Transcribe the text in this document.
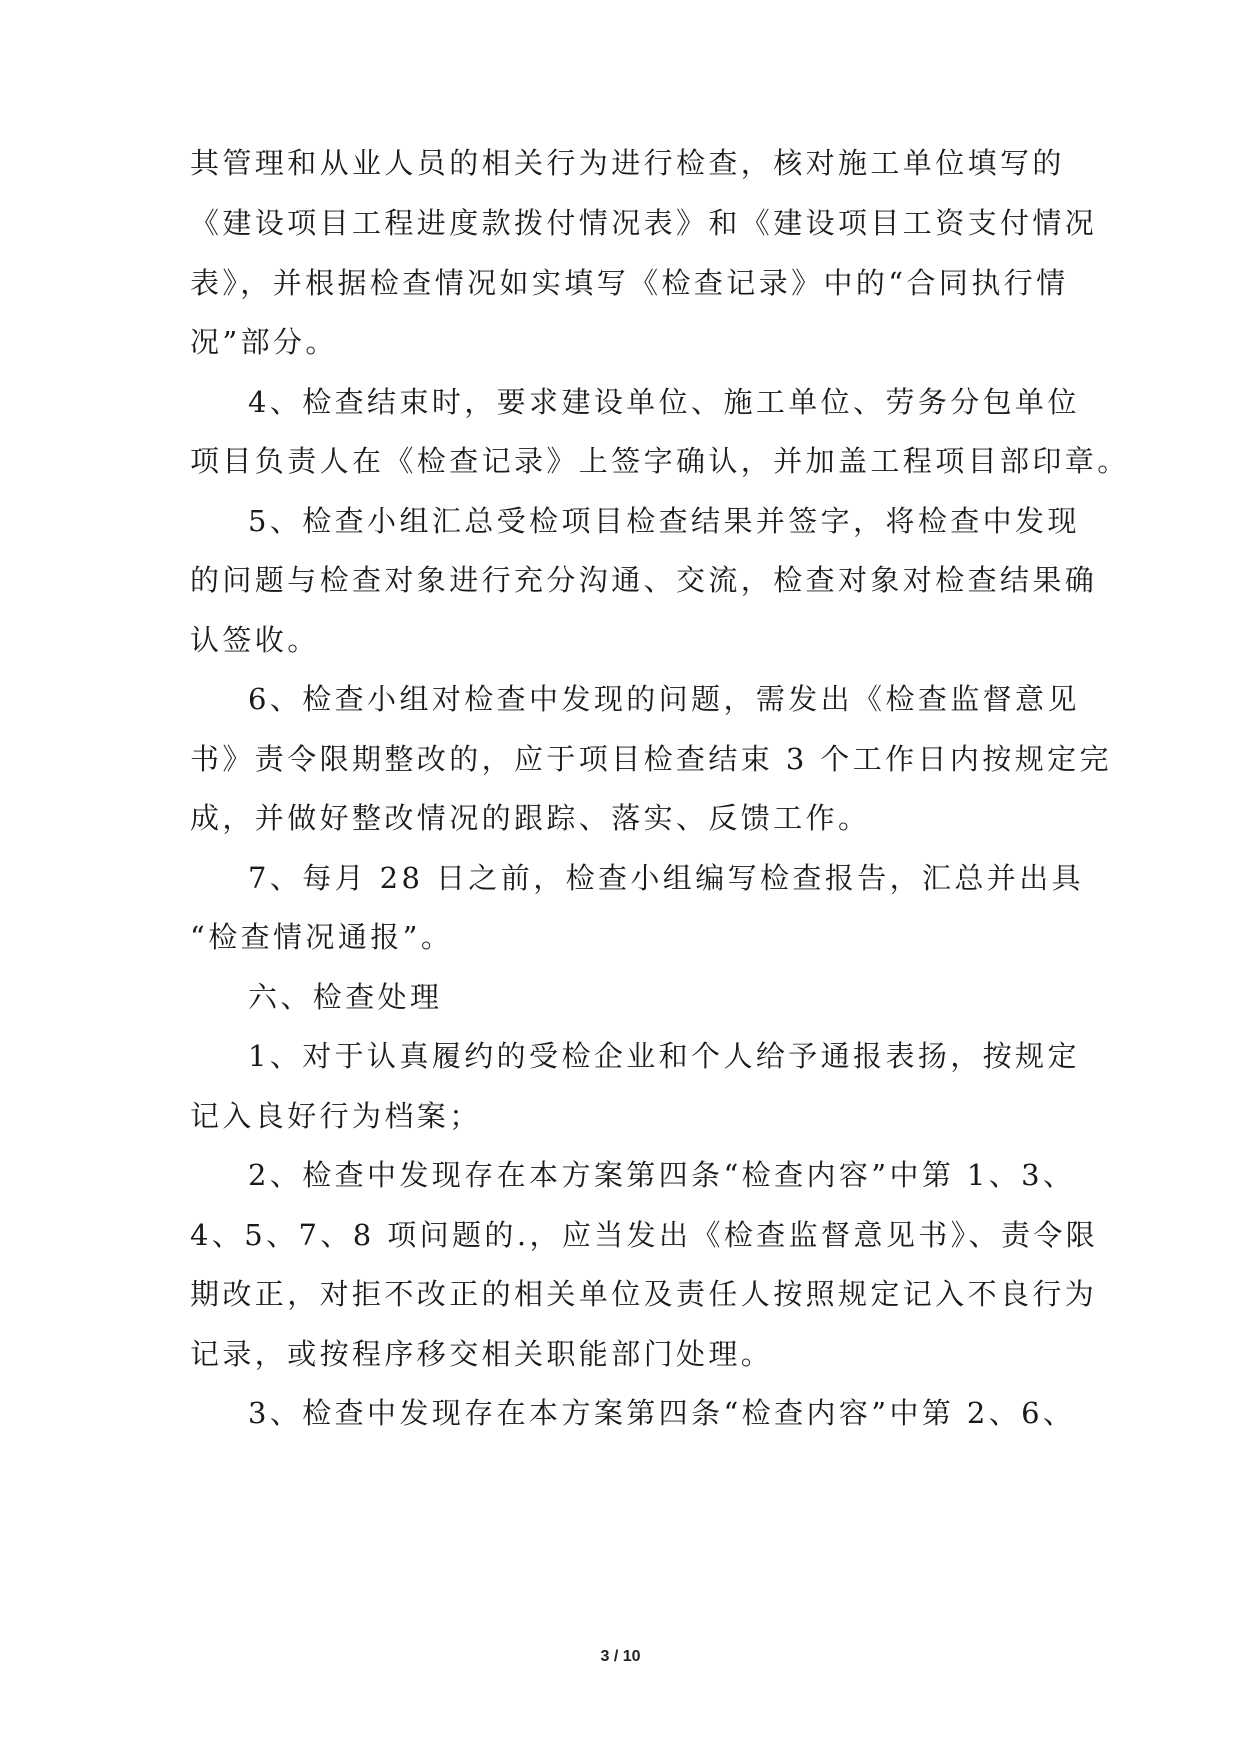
其管理和从业人员的相关行为进行检查，核对施工单位填写的
《建设项目工程进度款拨付情况表》和《建设项目工资支付情况
表》，并根据检查情况如实填写《检查记录》中的“合同执行情
况”部分。
4、检查结束时，要求建设单位、施工单位、劳务分包单位
项目负责人在《检查记录》上签字确认，并加盖工程项目部印章。
5、检查小组汇总受检项目检查结果并签字，将检查中发现
的问题与检查对象进行充分沟通、交流，检查对象对检查结果确
认签收。
6、检查小组对检查中发现的问题，需发出《检查监督意见
书》责令限期整改的，应于项目检查结束 3 个工作日内按规定完
成，并做好整改情况的跟踪、落实、反馈工作。
7、每月 28 日之前，检查小组编写检查报告，汇总并出具
“检查情况通报”。
六、检查处理
1、对于认真履约的受检企业和个人给予通报表扬，按规定
记入良好行为档案；
2、检查中发现存在本方案第四条“检查内容”中第 1、3、
4、5、7、8 项问题的.，应当发出《检查监督意见书》、责令限
期改正，对拒不改正的相关单位及责任人按照规定记入不良行为
记录，或按程序移交相关职能部门处理。
3、检查中发现存在本方案第四条“检查内容”中第 2、6、
3 / 10
